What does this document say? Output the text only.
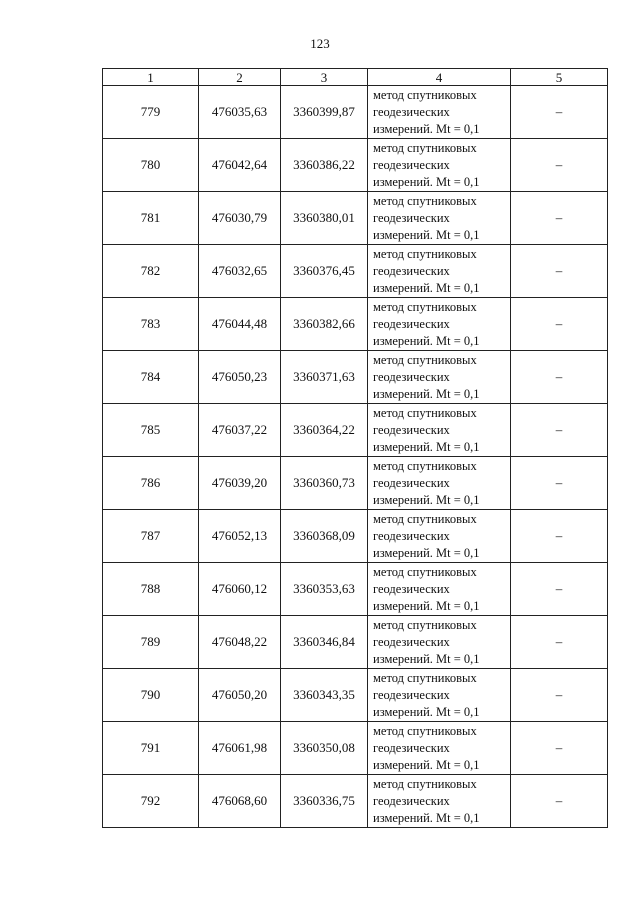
123
1	2	3	4	5
779	476035,63	3360399,87	метод спутниковых
геодезических
измерений. Mt = 0,1	–
780	476042,64	3360386,22	метод спутниковых
геодезических
измерений. Mt = 0,1	–
781	476030,79	3360380,01	метод спутниковых
геодезических
измерений. Mt = 0,1	–
782	476032,65	3360376,45	метод спутниковых
геодезических
измерений. Mt = 0,1	–
783	476044,48	3360382,66	метод спутниковых
геодезических
измерений. Mt = 0,1	–
784	476050,23	3360371,63	метод спутниковых
геодезических
измерений. Mt = 0,1	–
785	476037,22	3360364,22	метод спутниковых
геодезических
измерений. Mt = 0,1	–
786	476039,20	3360360,73	метод спутниковых
геодезических
измерений. Mt = 0,1	–
787	476052,13	3360368,09	метод спутниковых
геодезических
измерений. Mt = 0,1	–
788	476060,12	3360353,63	метод спутниковых
геодезических
измерений. Mt = 0,1	–
789	476048,22	3360346,84	метод спутниковых
геодезических
измерений. Mt = 0,1	–
790	476050,20	3360343,35	метод спутниковых
геодезических
измерений. Mt = 0,1	–
791	476061,98	3360350,08	метод спутниковых
геодезических
измерений. Mt = 0,1	–
792	476068,60	3360336,75	метод спутниковых
геодезических
измерений. Mt = 0,1	–
